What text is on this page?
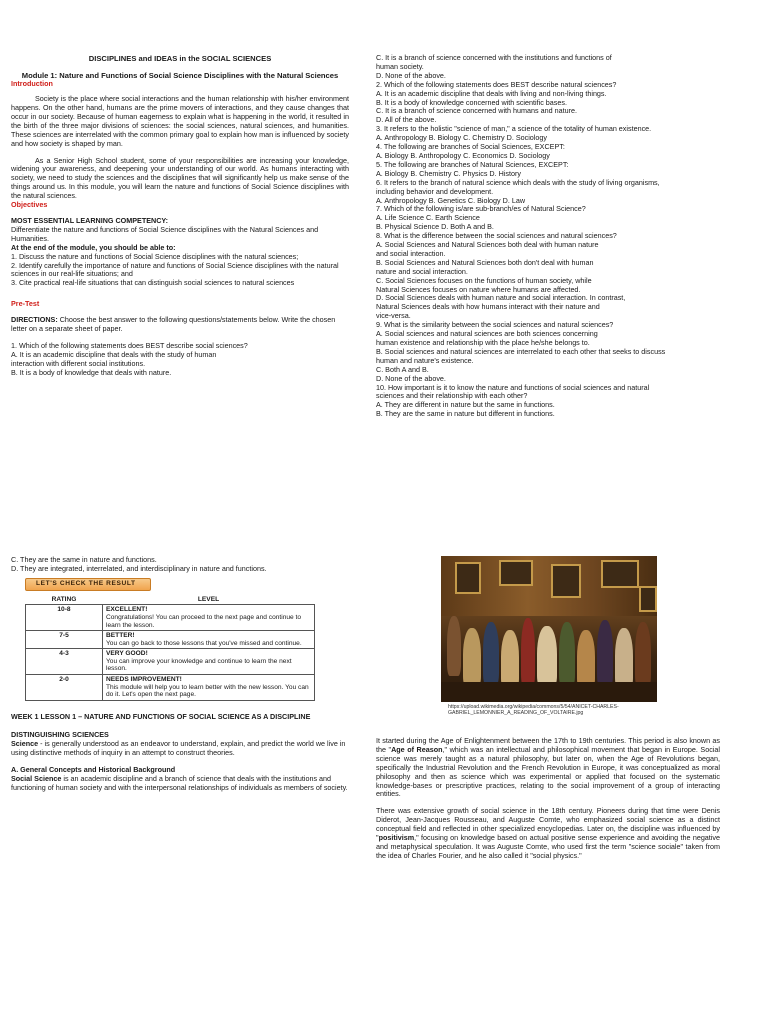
DISCIPLINES and IDEAS in the SOCIAL SCIENCES

Module 1: Nature and Functions of Social Science Disciplines with the Natural Sciences

Introduction

Society is the place where social interactions and the human relationship with his/her environment happens. On the other hand, humans are the prime movers of interactions, and they cause changes that occur in our society. Because of human eagerness to explain what is happening in the world, it resulted in the birth of the three major divisions of sciences: the social sciences, natural sciences, and humanities. These sciences are interrelated with the common primary goal to explain how man is influenced by society and how society is shaped by man.

As a Senior High School student, some of your responsibilities are increasing your knowledge, widening your awareness, and deepening your understanding of our world. As humans interacting with society, we need to study the sciences and the disciplines that will significantly help us make sense of the things around us. In this module, you will learn the nature and functions of Social Science disciplines with the natural sciences.

Objectives

MOST ESSENTIAL LEARNING COMPETENCY:

Differentiate the nature and functions of Social Science disciplines with the Natural Sciences and Humanities.

At the end of the module, you should be able to:

1. Discuss the nature and functions of Social Science disciplines with the natural sciences;

2. Identify carefully the importance of nature and functions of Social Science disciplines with the natural sciences in our real-life situations; and

3. Cite practical real-life situations that can distinguish social sciences to natural sciences

Pre-Test

DIRECTIONS: Choose the best answer to the following questions/statements below. Write the chosen letter on a separate sheet of paper.

1. Which of the following statements does BEST describe social sciences?

A. It is an academic discipline that deals with the study of human

interaction with different social institutions.

B. It is a body of knowledge that deals with nature.

C. It is a branch of science concerned with the institutions and functions of

human society.

D. None of the above.

2. Which of the following statements does BEST describe natural sciences?

A. It is an academic discipline that deals with living and non-living things.

B. It is a body of knowledge concerned with scientific bases.

C. It is a branch of science concerned with humans and nature.

D. All of the above.

3. It refers to the holistic "science of man," a science of the totality of human existence.

A. Anthropology B. Biology C. Chemistry D. Sociology

4. The following are branches of Social Sciences, EXCEPT:

A. Biology B. Anthropology C. Economics D. Sociology

5. The following are branches of Natural Sciences, EXCEPT:

A. Biology B. Chemistry C. Physics D. History

6. It refers to the branch of natural science which deals with the study of living organisms,

including behavior and development.

A. Anthropology B. Genetics C. Biology D. Law

7. Which of the following is/are sub-branch/es of Natural Science?

A. Life Science C. Earth Science

B. Physical Science D. Both A and B.

8. What is the difference between the social sciences and natural sciences?

A. Social Sciences and Natural Sciences both deal with human nature

and social interaction.

B. Social Sciences and Natural Sciences both don't deal with human

nature and social interaction.

C. Social Sciences focuses on the functions of human society, while

Natural Sciences focuses on nature where humans are affected.

D. Social Sciences deals with human nature and social interaction. In contrast,

Natural Sciences deals with how humans interact with their nature and

vice-versa.

9. What is the similarity between the social sciences and natural sciences?

A. Social sciences and natural sciences are both sciences concerning

human existence and relationship with the place he/she belongs to.

B. Social sciences and natural sciences are interrelated to each other that seeks to discuss

human and nature's existence.

C. Both A and B.

D. None of the above.

10. How important is it to know the nature and functions of social sciences and natural

sciences and their relationship with each other?

A. They are different in nature but the same in functions.

B. They are the same in nature but different in functions.

C. They are the same in nature and functions.

D. They are integrated, interrelated, and interdisciplinary in nature and functions.

LET'S CHECK THE RESULT
RATING	LEVEL
10-8	EXCELLENT!
Congratulations! You can proceed to the next page and continue to learn the lesson.

7-5	BETTER!
You can go back to those lessons that you've missed and continue.

4-3	VERY GOOD!
You can improve your knowledge and continue to learn the next lesson.

2-0	NEEDS IMPROVEMENT!
This module will help you to learn better with the new lesson. You can do it. Let's open the next page.

WEEK 1 LESSON 1 – NATURE AND FUNCTIONS OF SOCIAL SCIENCE AS A DISCIPLINE

DISTINGUISHING SCIENCES

Science - is generally understood as an endeavor to understand, explain, and predict the world we live in using distinctive methods of inquiry in an attempt to construct theories.

A. General Concepts and Historical Background

Social Science is an academic discipline and a branch of science that deals with the institutions and functioning of human society and with the interpersonal relationships of individuals as members of society.

https://upload.wikimedia.org/wikipedia/commons/5/54/ANICET-CHARLES-GABRIEL_LEMONNIER_A_READING_OF_VOLTAIRE.jpg

It started during the Age of Enlightenment between the 17th to 19th centuries. This period is also known as the "Age of Reason," which was an intellectual and philosophical movement that began in Europe. Social science was merely taught as a natural philosophy, but later on, when the Age of Revolutions began, specifically the Industrial Revolution and the French Revolution in Europe, it was conceptualized as moral philosophy and then as science which was experimental or applied that focused on the systematic knowledge-bases or prescriptive practices, relating to the social improvement of a group of interacting entities.

There was extensive growth of social science in the 18th century. Pioneers during that time were Denis Diderot, Jean-Jacques Rousseau, and Auguste Comte, who emphasized social science as a distinct conceptual field and reflected in other specialized encyclopedias. Later on, the discipline was influenced by "positivism," focusing on knowledge based on actual positive sense experience and avoiding the negative and metaphysical speculation. It was Auguste Comte, who used first the term "science sociale" taken from the idea of Charles Fourier, and he also called it "social physics."
